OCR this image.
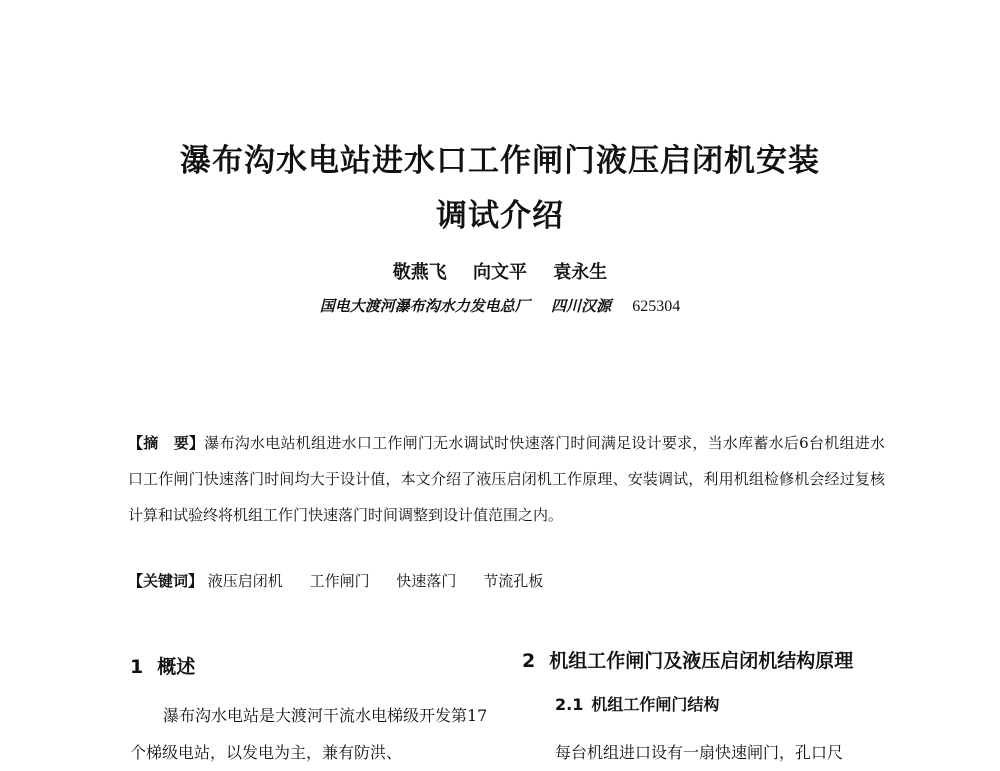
瀑布沟水电站进水口工作闸门液压启闭机安装
调试介绍
敬燕飞 向文平 袁永生
国电大渡河瀑布沟水力发电总厂 四川汉源 625304
【摘　要】瀑布沟水电站机组进水口工作闸门无水调试时快速落门时间满足设计要求，当水库蓄水后6台机组进水口工作闸门快速落门时间均大于设计值，本文介绍了液压启闭机工作原理、安装调试，利用机组检修机会经过复核计算和试验终将机组工作门快速落门时间调整到设计值范围之内。
【关键词】 液压启闭机 工作闸门 快速落门 节流孔板
1 概述

瀑布沟水电站是大渡河干流水电梯级开发第17个梯级电站，以发电为主，兼有防洪、

2 机组工作闸门及液压启闭机结构原理
2.1 机组工作闸门结构

每台机组进口设有一扇快速闸门，孔口尺
